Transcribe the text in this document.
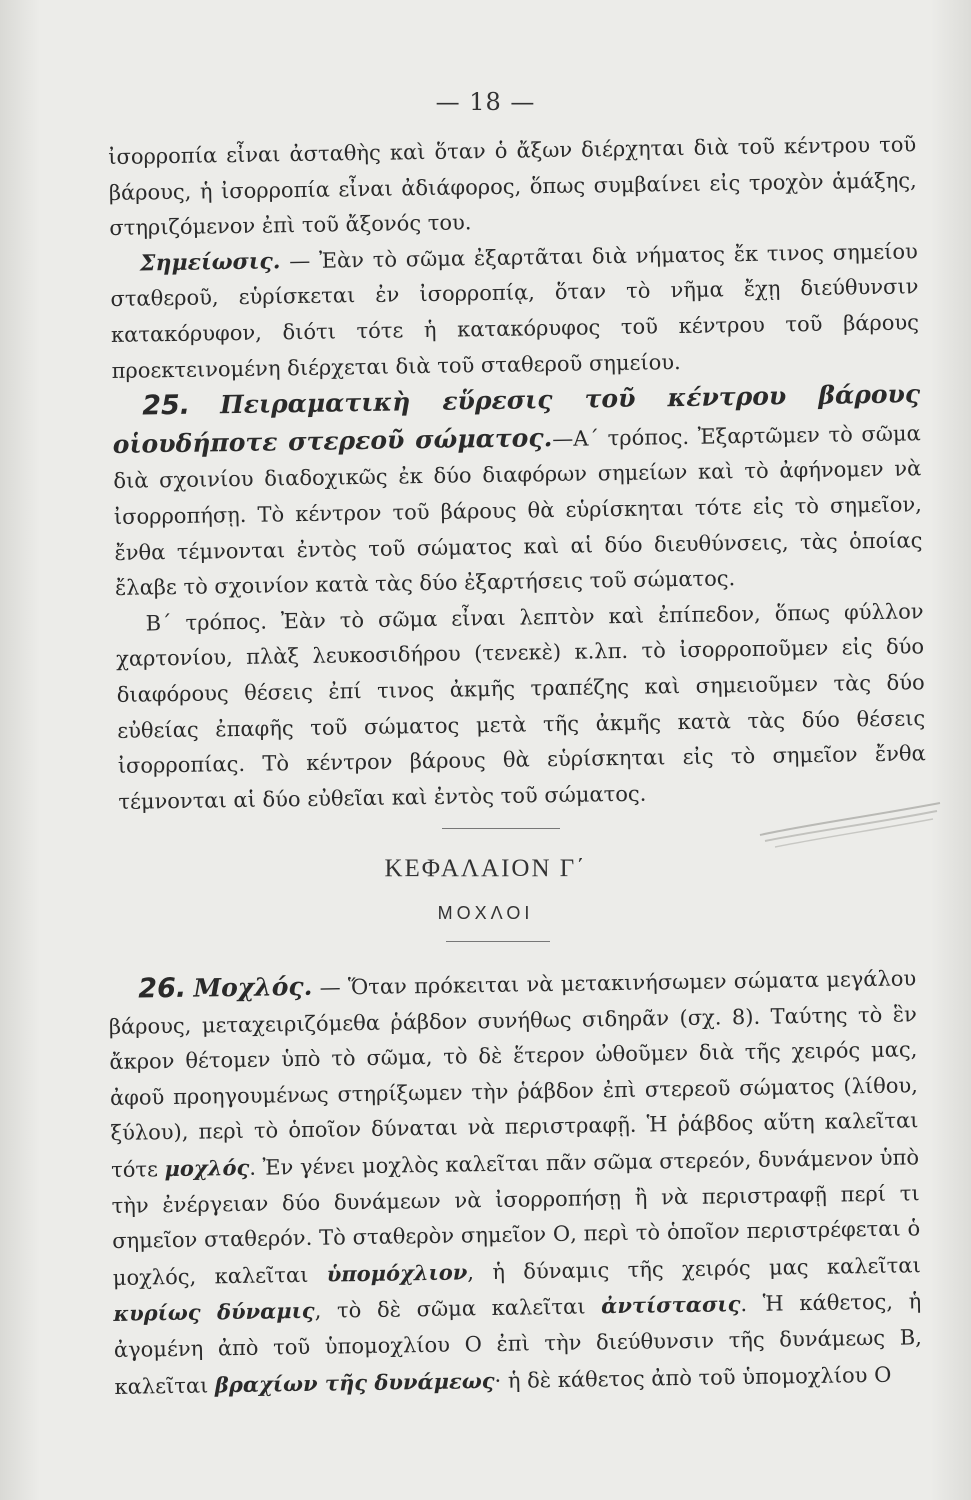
— 18 —

ἰσορροπία εἶναι ἀσταθὴς καὶ ὅταν ὁ ἄξων διέρχηται διὰ τοῦ κέντρου τοῦ βάρους, ἡ ἰσορροπία εἶναι ἀδιάφορος, ὅπως συμβαίνει εἰς τροχὸν ἁμάξης, στηριζόμενον ἐπὶ τοῦ ἄξονός του.

Σημείωσις. — Ἐὰν τὸ σῶμα ἐξαρτᾶται διὰ νήματος ἔκ τινος σημείου σταθεροῦ, εὑρίσκεται ἐν ἰσορροπίᾳ, ὅταν τὸ νῆμα ἔχῃ διεύθυνσιν κατακόρυφον, διότι τότε ἡ κατακόρυφος τοῦ κέντρου τοῦ βάρους προεκτεινομένη διέρχεται διὰ τοῦ σταθεροῦ σημείου.

25. Πειραματικὴ εὕρεσις τοῦ κέντρου βάρους οἱουδήποτε στερεοῦ σώματος.—Α΄ τρόπος. Ἐξαρτῶμεν τὸ σῶμα διὰ σχοινίου διαδοχικῶς ἐκ δύο διαφόρων σημείων καὶ τὸ ἀφήνομεν νὰ ἰσορροπήσῃ. Τὸ κέντρον τοῦ βάρους θὰ εὑρίσκηται τότε εἰς τὸ σημεῖον, ἔνθα τέμνονται ἐντὸς τοῦ σώματος καὶ αἱ δύο διευθύνσεις, τὰς ὁποίας ἔλαβε τὸ σχοινίον κατὰ τὰς δύο ἐξαρτήσεις τοῦ σώματος.

Β΄ τρόπος. Ἐὰν τὸ σῶμα εἶναι λεπτὸν καὶ ἐπίπεδον, ὅπως φύλλον χαρτονίου, πλὰξ λευκοσιδήρου (τενεκὲ) κ.λπ. τὸ ἰσορροποῦμεν εἰς δύο διαφόρους θέσεις ἐπί τινος ἀκμῆς τραπέζης καὶ σημειοῦμεν τὰς δύο εὐθείας ἐπαφῆς τοῦ σώματος μετὰ τῆς ἀκμῆς κατὰ τὰς δύο θέσεις ἰσορροπίας. Τὸ κέντρον βάρους θὰ εὑρίσκηται εἰς τὸ σημεῖον ἔνθα τέμνονται αἱ δύο εὐθεῖαι καὶ ἐντὸς τοῦ σώματος.

ΚΕΦΑΛΑΙΟΝ Γ΄
ΜΟΧΛΟΙ

26. Μοχλός. — Ὅταν πρόκειται νὰ μετακινήσωμεν σώματα μεγάλου βάρους, μεταχειριζόμεθα ῥάβδον συνήθως σιδηρᾶν (σχ. 8). Ταύτης τὸ ἓν ἄκρον θέτομεν ὑπὸ τὸ σῶμα, τὸ δὲ ἕτερον ὠθοῦμεν διὰ τῆς χειρός μας, ἀφοῦ προηγουμένως στηρίξωμεν τὴν ῥάβδον ἐπὶ στερεοῦ σώματος (λίθου, ξύλου), περὶ τὸ ὁποῖον δύναται νὰ περιστραφῇ. Ἡ ῥάβδος αὕτη καλεῖται τότε μοχλός. Ἐν γένει μοχλὸς καλεῖται πᾶν σῶμα στερεόν, δυνάμενον ὑπὸ τὴν ἐνέργειαν δύο δυνάμεων νὰ ἰσορροπήσῃ ἢ νὰ περιστραφῇ περί τι σημεῖον σταθερόν. Τὸ σταθερὸν σημεῖον Ο, περὶ τὸ ὁποῖον περιστρέφεται ὁ μοχλός, καλεῖται ὑπομόχλιον, ἡ δύναμις τῆς χειρός μας καλεῖται κυρίως δύναμις, τὸ δὲ σῶμα καλεῖται ἀντίστασις. Ἡ κάθετος, ἡ ἀγομένη ἀπὸ τοῦ ὑπομοχλίου Ο ἐπὶ τὴν διεύθυνσιν τῆς δυνάμεως Β, καλεῖται βραχίων τῆς δυνάμεως· ἡ δὲ κάθετος ἀπὸ τοῦ ὑπομοχλίου Ο
